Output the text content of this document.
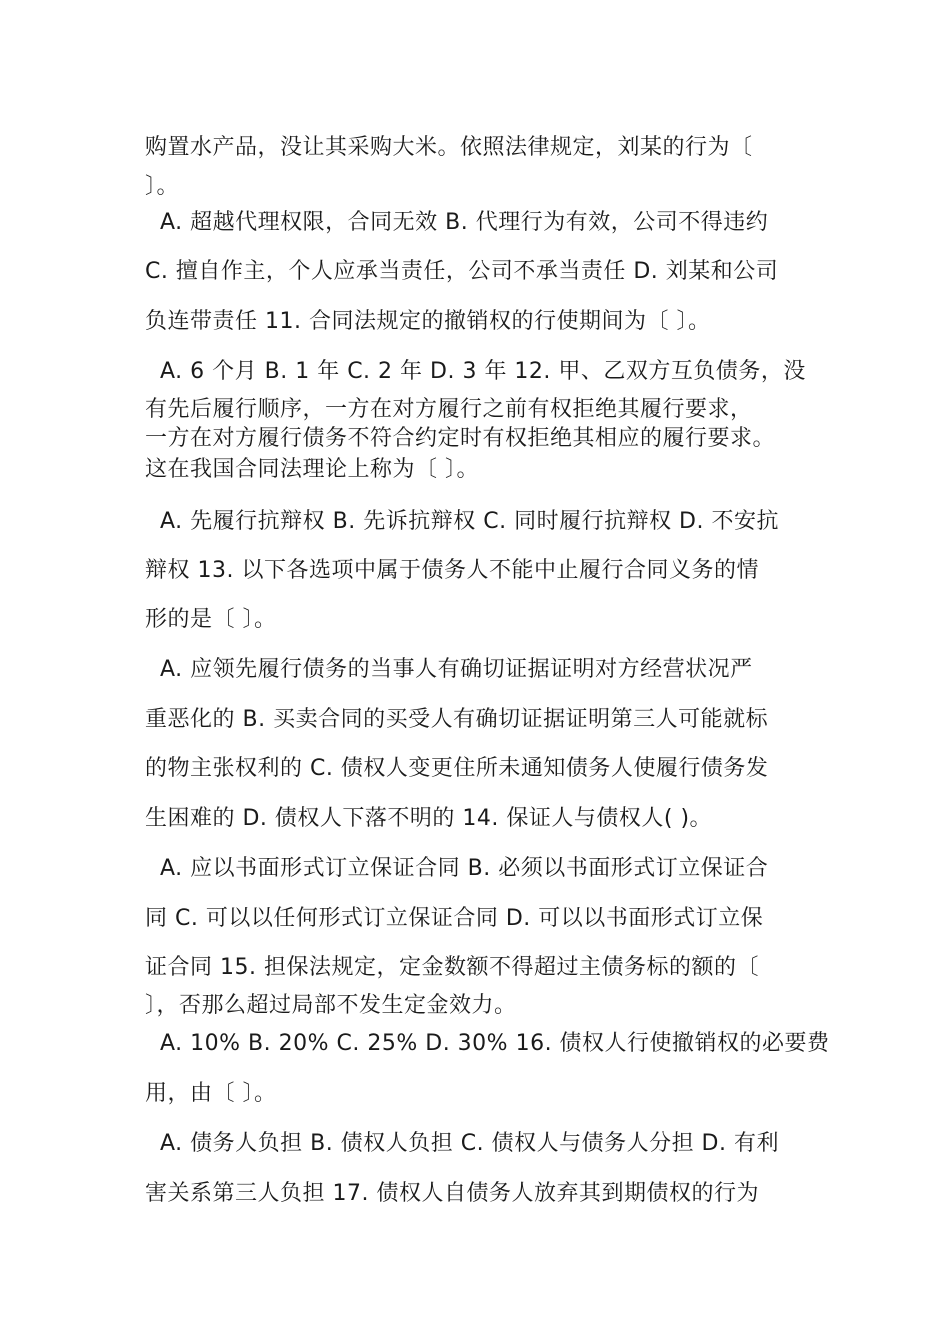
购置水产品，没让其采购大米。依照法律规定，刘某的行为〔
〕。
A. 超越代理权限，合同无效 B. 代理行为有效，公司不得违约
C. 擅自作主，个人应承当责任，公司不承当责任 D. 刘某和公司
负连带责任 11. 合同法规定的撤销权的行使期间为〔 〕。
A. 6 个月 B. 1 年 C. 2 年 D. 3 年 12. 甲、乙双方互负债务，没
有先后履行顺序，一方在对方履行之前有权拒绝其履行要求，
一方在对方履行债务不符合约定时有权拒绝其相应的履行要求。
这在我国合同法理论上称为〔 〕。
A. 先履行抗辩权 B. 先诉抗辩权 C. 同时履行抗辩权 D. 不安抗
辩权 13. 以下各选项中属于债务人不能中止履行合同义务的情
形的是〔 〕。
A. 应领先履行债务的当事人有确切证据证明对方经营状况严
重恶化的 B. 买卖合同的买受人有确切证据证明第三人可能就标
的物主张权利的 C. 债权人变更住所未通知债务人使履行债务发
生困难的 D. 债权人下落不明的 14. 保证人与债权人( )。
A. 应以书面形式订立保证合同 B. 必须以书面形式订立保证合
同 C. 可以以任何形式订立保证合同 D. 可以以书面形式订立保
证合同 15. 担保法规定，定金数额不得超过主债务标的额的〔
〕，否那么超过局部不发生定金效力。
A. 10% B. 20% C. 25% D. 30% 16. 债权人行使撤销权的必要费
用，由〔 〕。
A. 债务人负担 B. 债权人负担 C. 债权人与债务人分担 D. 有利
害关系第三人负担 17. 债权人自债务人放弃其到期债权的行为
